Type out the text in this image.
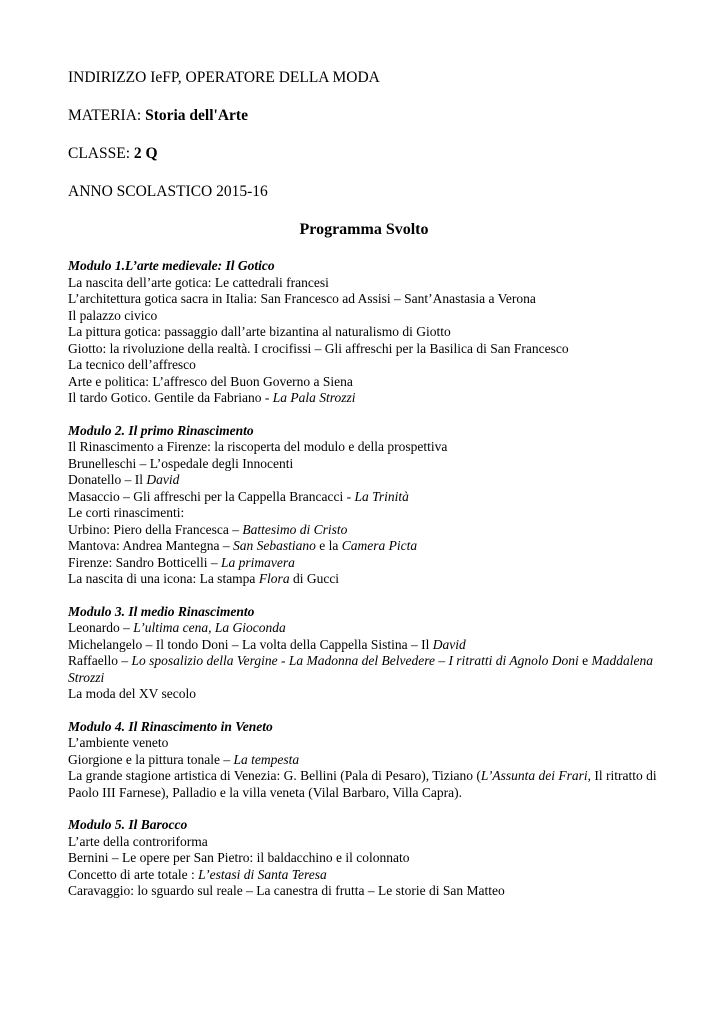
INDIRIZZO IeFP, OPERATORE DELLA MODA
MATERIA: Storia dell'Arte
CLASSE: 2 Q
ANNO SCOLASTICO 2015-16
Programma Svolto
Modulo 1.L’arte medievale: Il Gotico
La nascita dell’arte gotica: Le cattedrali francesi
L’architettura gotica sacra in Italia: San Francesco ad Assisi – Sant’Anastasia a Verona
Il palazzo civico
La pittura gotica: passaggio dall’arte bizantina al naturalismo di Giotto
Giotto: la rivoluzione della realtà. I crocifissi – Gli affreschi per la Basilica di San Francesco
La tecnico dell’affresco
Arte e politica: L’affresco del Buon Governo a Siena
Il tardo Gotico. Gentile da Fabriano - La Pala Strozzi
Modulo 2. Il primo Rinascimento
Il Rinascimento a Firenze: la riscoperta del modulo e della prospettiva
Brunelleschi – L’ospedale degli Innocenti
Donatello – Il David
Masaccio – Gli affreschi per la Cappella Brancacci - La Trinità
Le corti rinascimenti:
Urbino: Piero della Francesca – Battesimo di Cristo
Mantova: Andrea Mantegna – San Sebastiano e la Camera Picta
Firenze: Sandro Botticelli – La primavera
La nascita di una icona: La stampa Flora di Gucci
Modulo 3. Il medio Rinascimento
Leonardo – L’ultima cena, La Gioconda
Michelangelo – Il tondo Doni – La volta della Cappella Sistina – Il David
Raffaello – Lo sposalizio della Vergine - La Madonna del Belvedere – I ritratti di Agnolo Doni e Maddalena Strozzi
La moda del XV secolo
Modulo 4. Il Rinascimento in Veneto
L’ambiente veneto
Giorgione e la pittura tonale – La tempesta
La grande stagione artistica di Venezia: G. Bellini (Pala di Pesaro), Tiziano (L’Assunta dei Frari, Il ritratto di Paolo III Farnese), Palladio e la villa veneta (Vilal Barbaro, Villa Capra).
Modulo 5. Il Barocco
L’arte della controriforma
Bernini – Le opere per San Pietro: il baldacchino e il colonnato
Concetto di arte totale : L’estasi di Santa Teresa
Caravaggio: lo sguardo sul reale – La canestra di frutta – Le storie di San Matteo
